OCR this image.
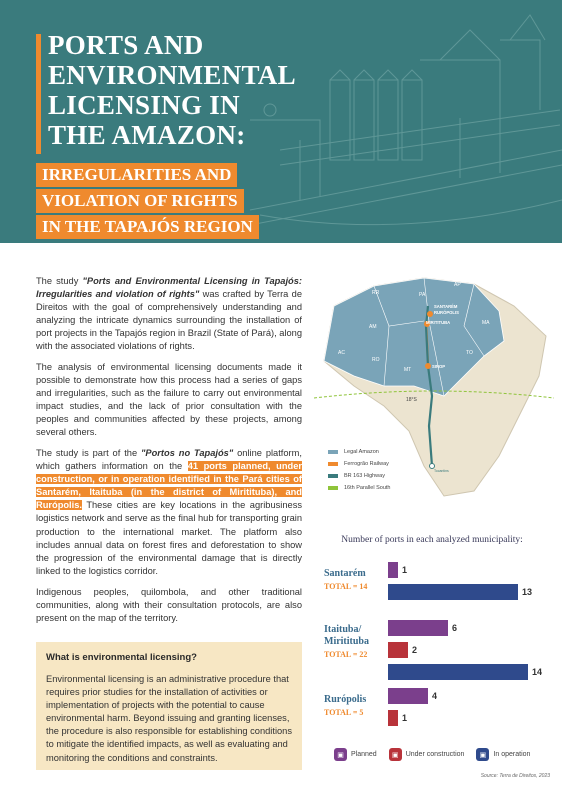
PORTS AND
ENVIRONMENTAL
LICENSING IN
THE AMAZON:
IRREGULARITIES AND
VIOLATION OF RIGHTS
IN THE TAPAJÓS REGION

The study "Ports and Environmental Licensing in Tapajós: Irregularities and violation of rights" was crafted by Terra de Direitos with the goal of comprehensively understanding and analyzing the intricate dynamics surrounding the installation of port projects in the Tapajós region in Brazil (State of Pará), along with the associated violations of rights.

The analysis of environmental licensing documents made it possible to demonstrate how this process had a series of gaps and irregularities, such as the failure to carry out environmental impact studies, and the lack of prior consultation with the peoples and communities affected by these projects, among several others.

The study is part of the "Portos no Tapajós" online platform, which gathers information on the 41 ports planned, under construction, or in operation identified in the Pará cities of Santarém, Itaituba (in the district of Miritituba), and Rurópolis. These cities are key locations in the agribusiness logistics network and serve as the final hub for transporting grain production to the international market. The platform also includes annual data on forest fires and deforestation to show the progression of the environmental damage that is directly linked to the logistics corridor.

Indigenous peoples, quilombola, and other traditional communities, along with their consultation protocols, are also present on the map of the territory.

What is environmental licensing?
Environmental licensing is an administrative procedure that requires prior studies for the installation of activities or implementation of projects with the potential to cause environmental harm. Beyond issuing and granting licenses, the procedure is also responsible for establishing conditions to mitigate the identified impacts, as well as evaluating and monitoring the conditions and constraints.
RR
AP
PA
AM
MA
AC
RO
TO
MT
SANTARÉM
RURÓPOLIS
MIRITITUBA
SINOP
Tocantins
18°S
Legal Amazon
Ferrogrão Railway
BR 163 Highway
16th Parallel South
Number of ports in each analyzed municipality:
Santarém
TOTAL = 14
Itaituba/ Miritituba
TOTAL = 22
Rurópolis
TOTAL = 5
1
13
6
2
14
4
1
▣	Planned	▣	Under construction	▣	In operation
Source: Terra de Direitos, 2023
